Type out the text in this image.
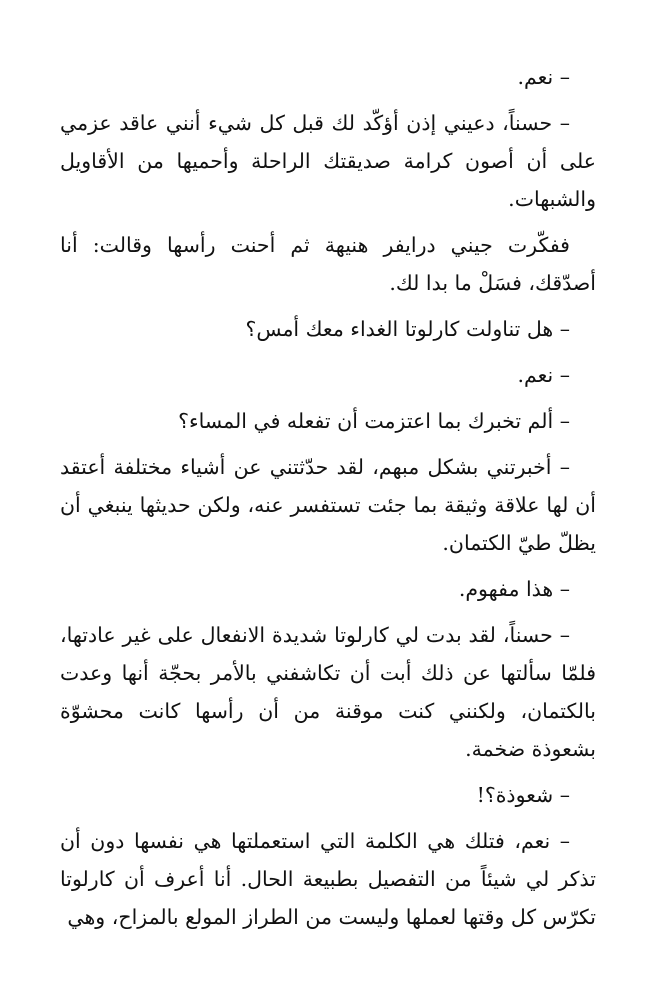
– نعم.

– حسناً، دعيني إذن أؤكّد لك قبل كل شيء أنني عاقد عزمي على أن أصون كرامة صديقتك الراحلة وأحميها من الأقاويل والشبهات.

ففكّرت جيني درايفر هنيهة ثم أحنت رأسها وقالت: أنا أصدّقك، فسَلْ ما بدا لك.

– هل تناولت كارلوتا الغداء معك أمس؟

– نعم.

– ألم تخبرك بما اعتزمت أن تفعله في المساء؟

– أخبرتني بشكل مبهم، لقد حدّثتني عن أشياء مختلفة أعتقد أن لها علاقة وثيقة بما جئت تستفسر عنه، ولكن حديثها ينبغي أن يظلّ طيّ الكتمان.

– هذا مفهوم.

– حسناً، لقد بدت لي كارلوتا شديدة الانفعال على غير عادتها، فلمّا سألتها عن ذلك أبت أن تكاشفني بالأمر بحجّة أنها وعدت بالكتمان، ولكنني كنت موقنة من أن رأسها كانت محشوّة بشعوذة ضخمة.

– شعوذة؟!

– نعم، فتلك هي الكلمة التي استعملتها هي نفسها دون أن تذكر لي شيئاً من التفصيل بطبيعة الحال. أنا أعرف أن كارلوتا تكرّس كل وقتها لعملها وليست من الطراز المولع بالمزاح، وهي
